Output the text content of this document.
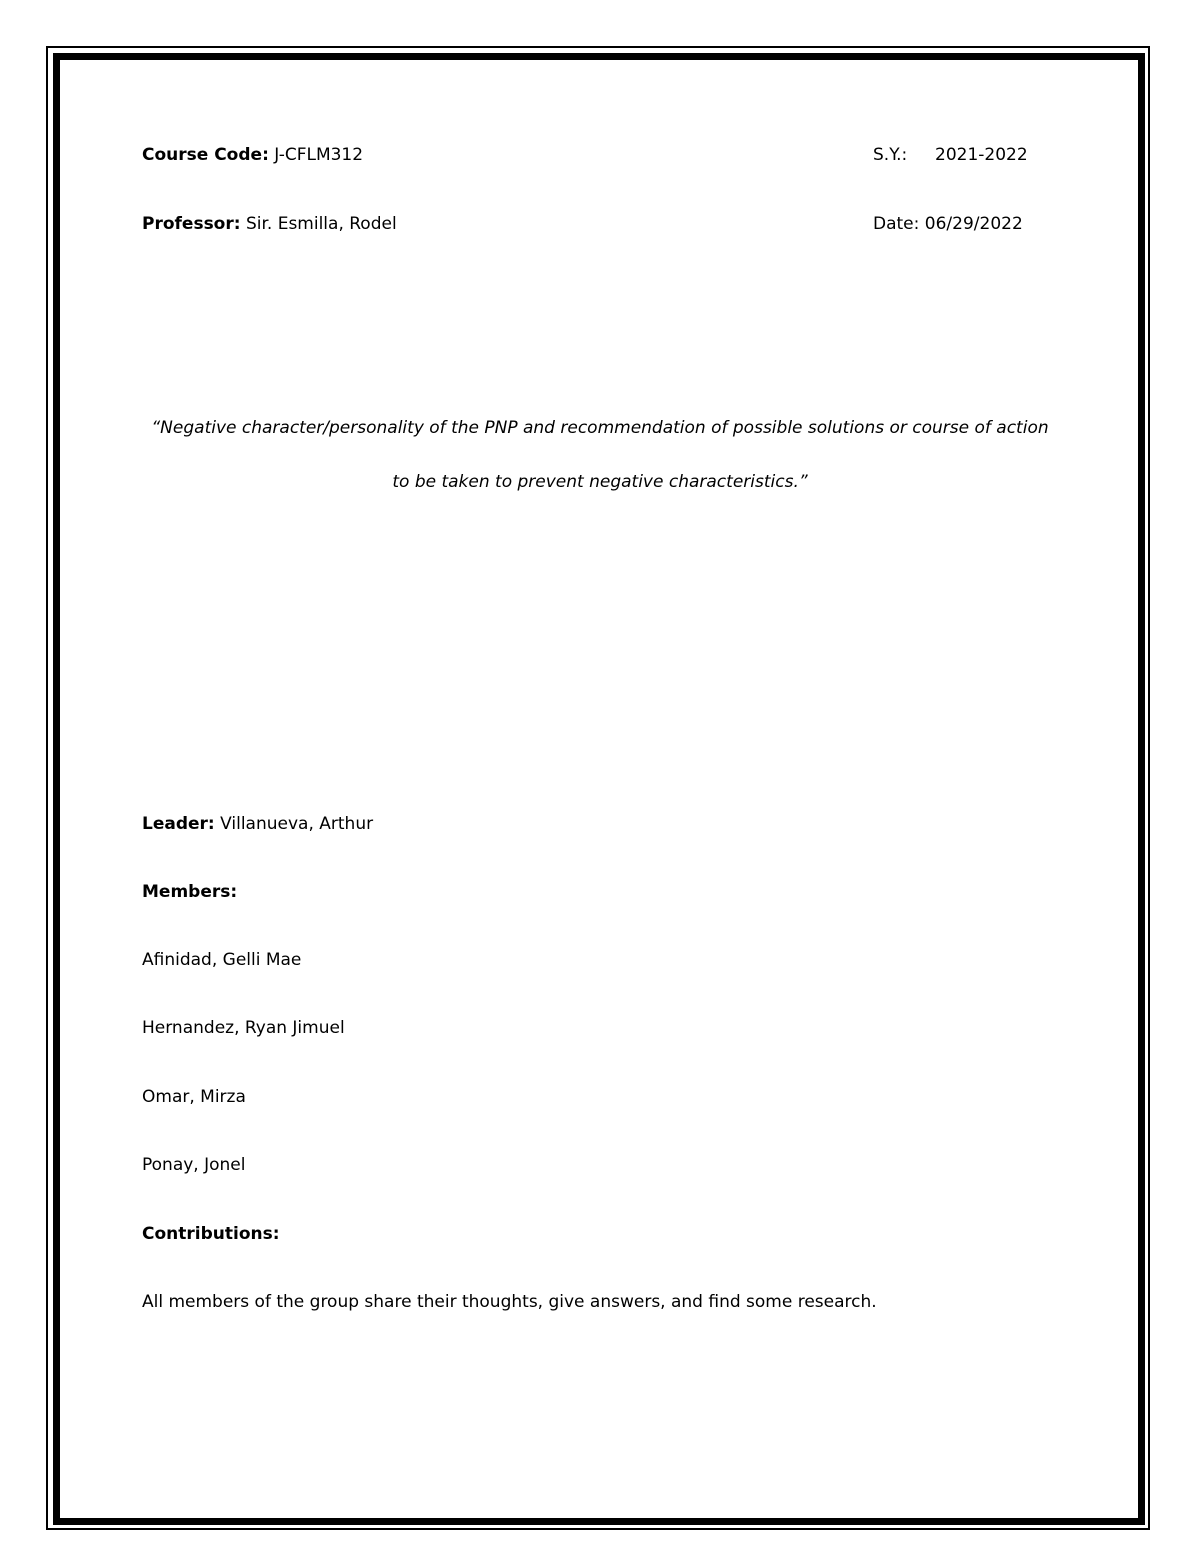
Course Code: J-CFLM312	S.Y.: 2021-2022
Professor: Sir. Esmilla, Rodel	Date: 06/29/2022
“Negative character/personality of the PNP and recommendation of possible solutions or course of action
to be taken to prevent negative characteristics.”
Leader: Villanueva, Arthur
Members:
Afinidad, Gelli Mae
Hernandez, Ryan Jimuel
Omar, Mirza
Ponay, Jonel
Contributions:
All members of the group share their thoughts, give answers, and find some research.
